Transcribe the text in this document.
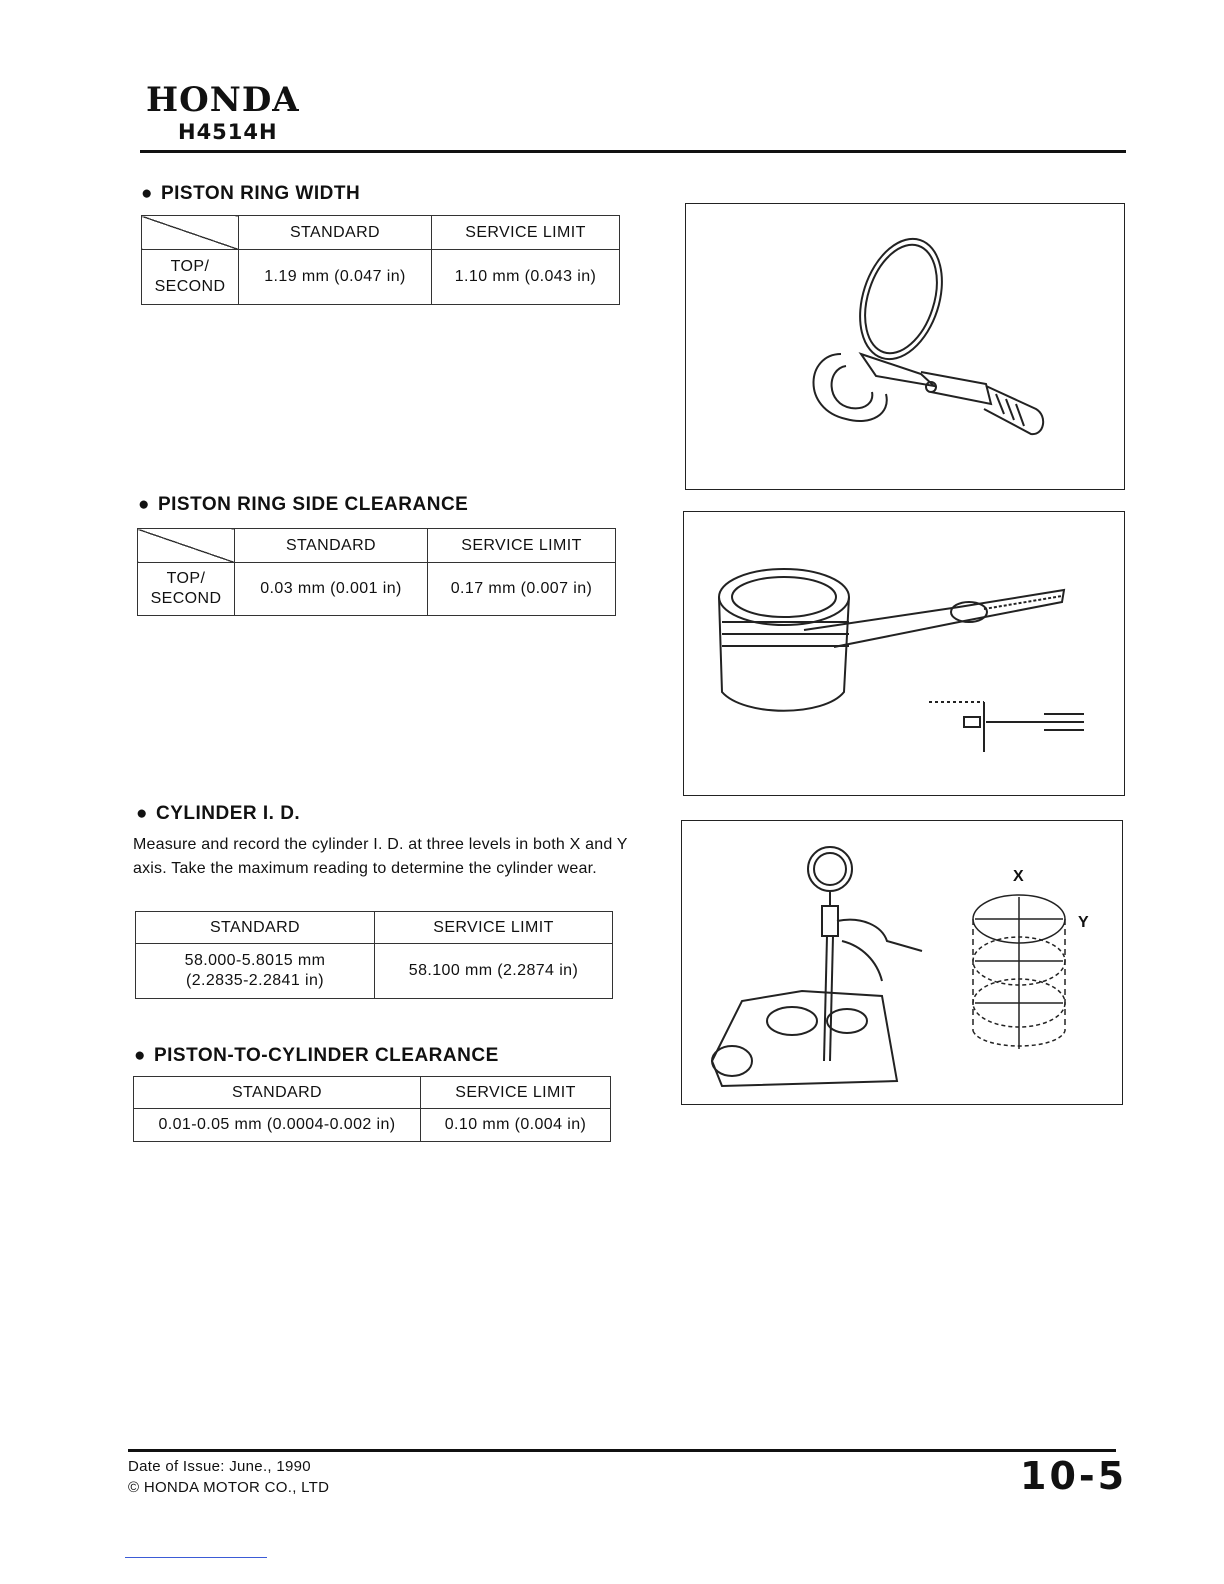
HONDA
H4514H
● PISTON RING WIDTH
	STANDARD	SERVICE LIMIT
TOP/
SECOND	1.19 mm (0.047 in)	1.10 mm (0.043 in)
● PISTON RING SIDE CLEARANCE
	STANDARD	SERVICE LIMIT
TOP/
SECOND	0.03 mm (0.001 in)	0.17 mm (0.007 in)
● CYLINDER I. D.
Measure and record the cylinder I. D. at three levels in both X and Y axis. Take the maximum reading to determine the cylinder wear.
STANDARD	SERVICE LIMIT
58.000-5.8015 mm
(2.2835-2.2841 in)	58.100 mm (2.2874 in)
X
Y
● PISTON-TO-CYLINDER CLEARANCE
STANDARD	SERVICE LIMIT
0.01-0.05 mm (0.0004-0.002 in)	0.10 mm (0.004 in)
Date of Issue: June., 1990
© HONDA MOTOR CO., LTD	10-5
